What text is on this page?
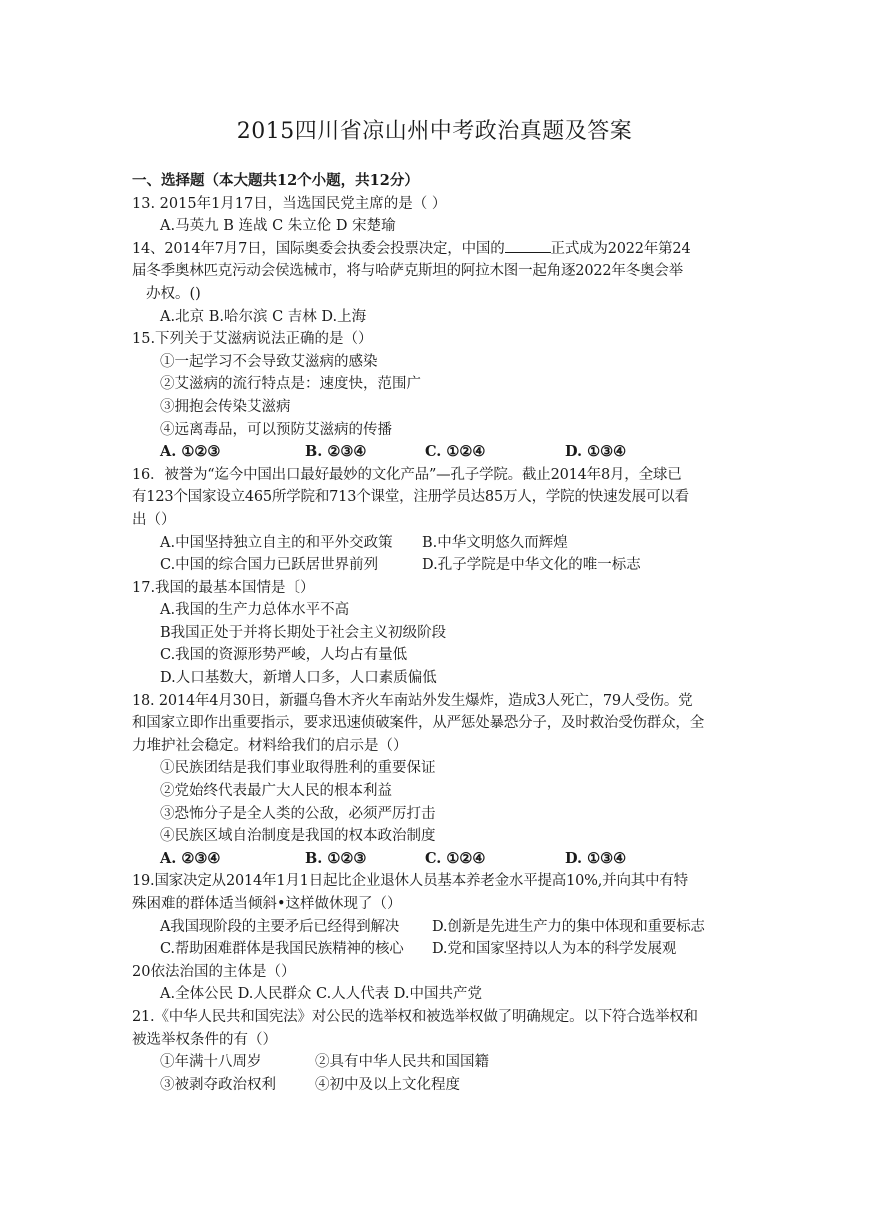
2015四川省凉山州中考政治真题及答案
一、选择题（本大题共12个小题，共12分）
13. 2015年1月17日，当选国民党主席的是（ ）
A.马英九 B 连战 C 朱立伦 D 宋楚瑜
14、2014年7月7日，国际奥委会执委会投票决定，中国的	正式成为2022年第24
届冬季奥林匹克污动会侯选械市，将与哈萨克斯坦的阿拉木图一起角逐2022年冬奥会举
办权。()
A.北京 B.哈尔滨 C 吉林 D.上海
15.下列关于艾滋病说法正确的是（）
①一起学习不会导致艾滋病的感染
②艾滋病的流行特点是：速度快，范围广
③拥抱会传染艾滋病
④远离毒品，可以预防艾滋病的传播
A. ①②③	B. ②③④	C. ①②④	D. ①③④
16．被誉为“迄今中国出口最好最妙的文化产品”—孔子学院。截止2014年8月，全球已
有123个国家设立465所学院和713个课堂，注册学员达85万人，学院的快速发展可以看
出（）
A.中国坚持独立自主的和平外交政策	B.中华文明悠久而辉煌
C.中国的综合国力已跃居世界前列	D.孔子学院是中华文化的唯一标志
17.我国的最基本国情是〔）
A.我国的生产力总体水平不高
B我国正处于并将长期处于社会主义初级阶段
C.我国的资源形势严峻，人均占有量低
D.人口基数大，新增人口多，人口素质偏低
18. 2014年4月30日，新疆乌鲁木齐火车南站外发生爆炸，造成3人死亡，79人受伤。党
和国家立即作出重要指示，要求迅速侦破案件，从严惩处暴恐分子，及时救治受伤群众，全
力堆护社会稳定。材料给我们的启示是（）
①民族团结是我们事业取得胜利的重要保证
②党始终代表最广大人民的根本利益
③恐怖分子是全人类的公敌，必须严厉打击
④民族区域自治制度是我国的权本政治制度
A. ②③④	B. ①②③	C. ①②④	D. ①③④
19.国家决定从2014年1月1日起比企业退休人员基本养老金水平提高10%,并向其中有特
殊困难的群体适当倾斜•这样做休现了（）
A我国现阶段的主要矛后已经得到解决	D.创新是先进生产力的集中体现和重要标志
C.帮助困难群体是我国民族精神的核心	D.党和国家坚持以人为本的科学发展观
20依法治国的主体是（）
A.全体公民 D.人民群众 C.人人代表 D.中国共产党
21.《中华人民共和国宪法》对公民的选举权和被选举权做了明确规定。以下符合选举权和
被选举权条件的有（）
①年满十八周岁	②具有中华人民共和国国籍
③被剥夺政治权利	④初中及以上文化程度
